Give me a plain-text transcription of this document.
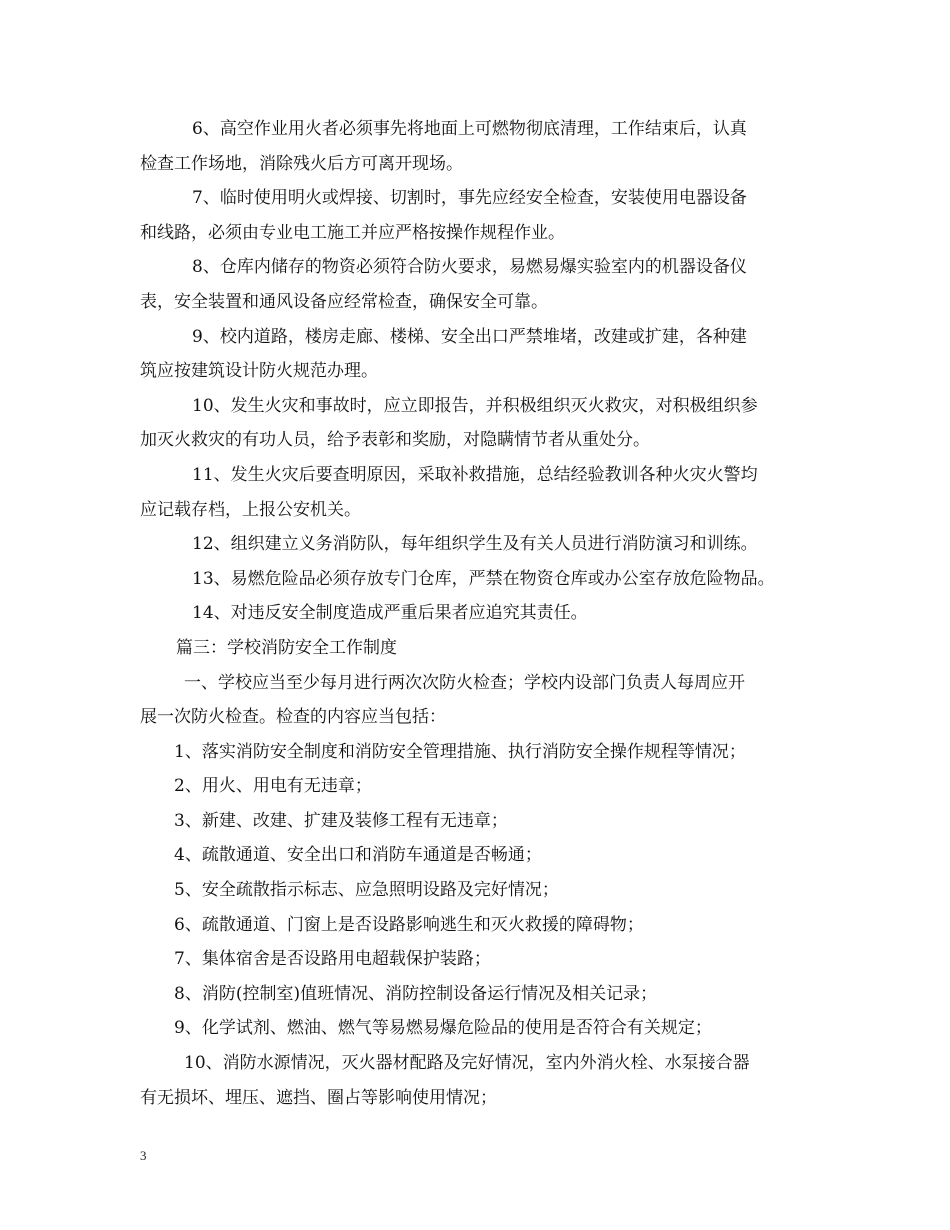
6、高空作业用火者必须事先将地面上可燃物彻底清理，工作结束后，认真
检查工作场地，消除残火后方可离开现场。
7、临时使用明火或焊接、切割时，事先应经安全检查，安装使用电器设备
和线路，必须由专业电工施工并应严格按操作规程作业。
8、仓库内储存的物资必须符合防火要求，易燃易爆实验室内的机器设备仪
表，安全装置和通风设备应经常检查，确保安全可靠。
9、校内道路，楼房走廊、楼梯、安全出口严禁堆堵，改建或扩建，各种建
筑应按建筑设计防火规范办理。
10、发生火灾和事故时，应立即报告，并积极组织灭火救灾，对积极组织参
加灭火救灾的有功人员，给予表彰和奖励，对隐瞒情节者从重处分。
11、发生火灾后要查明原因，采取补救措施，总结经验教训各种火灾火警均
应记载存档，上报公安机关。
12、组织建立义务消防队，每年组织学生及有关人员进行消防演习和训练。
13、易燃危险品必须存放专门仓库，严禁在物资仓库或办公室存放危险物品。
14、对违反安全制度造成严重后果者应追究其责任。
篇三：学校消防安全工作制度
一、学校应当至少每月进行两次次防火检查；学校内设部门负责人每周应开
展一次防火检查。检查的内容应当包括：
1、落实消防安全制度和消防安全管理措施、执行消防安全操作规程等情况；
2、用火、用电有无违章；
3、新建、改建、扩建及装修工程有无违章；
4、疏散通道、安全出口和消防车通道是否畅通；
5、安全疏散指示标志、应急照明设路及完好情况；
6、疏散通道、门窗上是否设路影响逃生和灭火救援的障碍物；
7、集体宿舍是否设路用电超载保护装路；
8、消防(控制室)值班情况、消防控制设备运行情况及相关记录；
9、化学试剂、燃油、燃气等易燃易爆危险品的使用是否符合有关规定；
10、消防水源情况，灭火器材配路及完好情况，室内外消火栓、水泵接合器
有无损坏、埋压、遮挡、圈占等影响使用情况；
3
